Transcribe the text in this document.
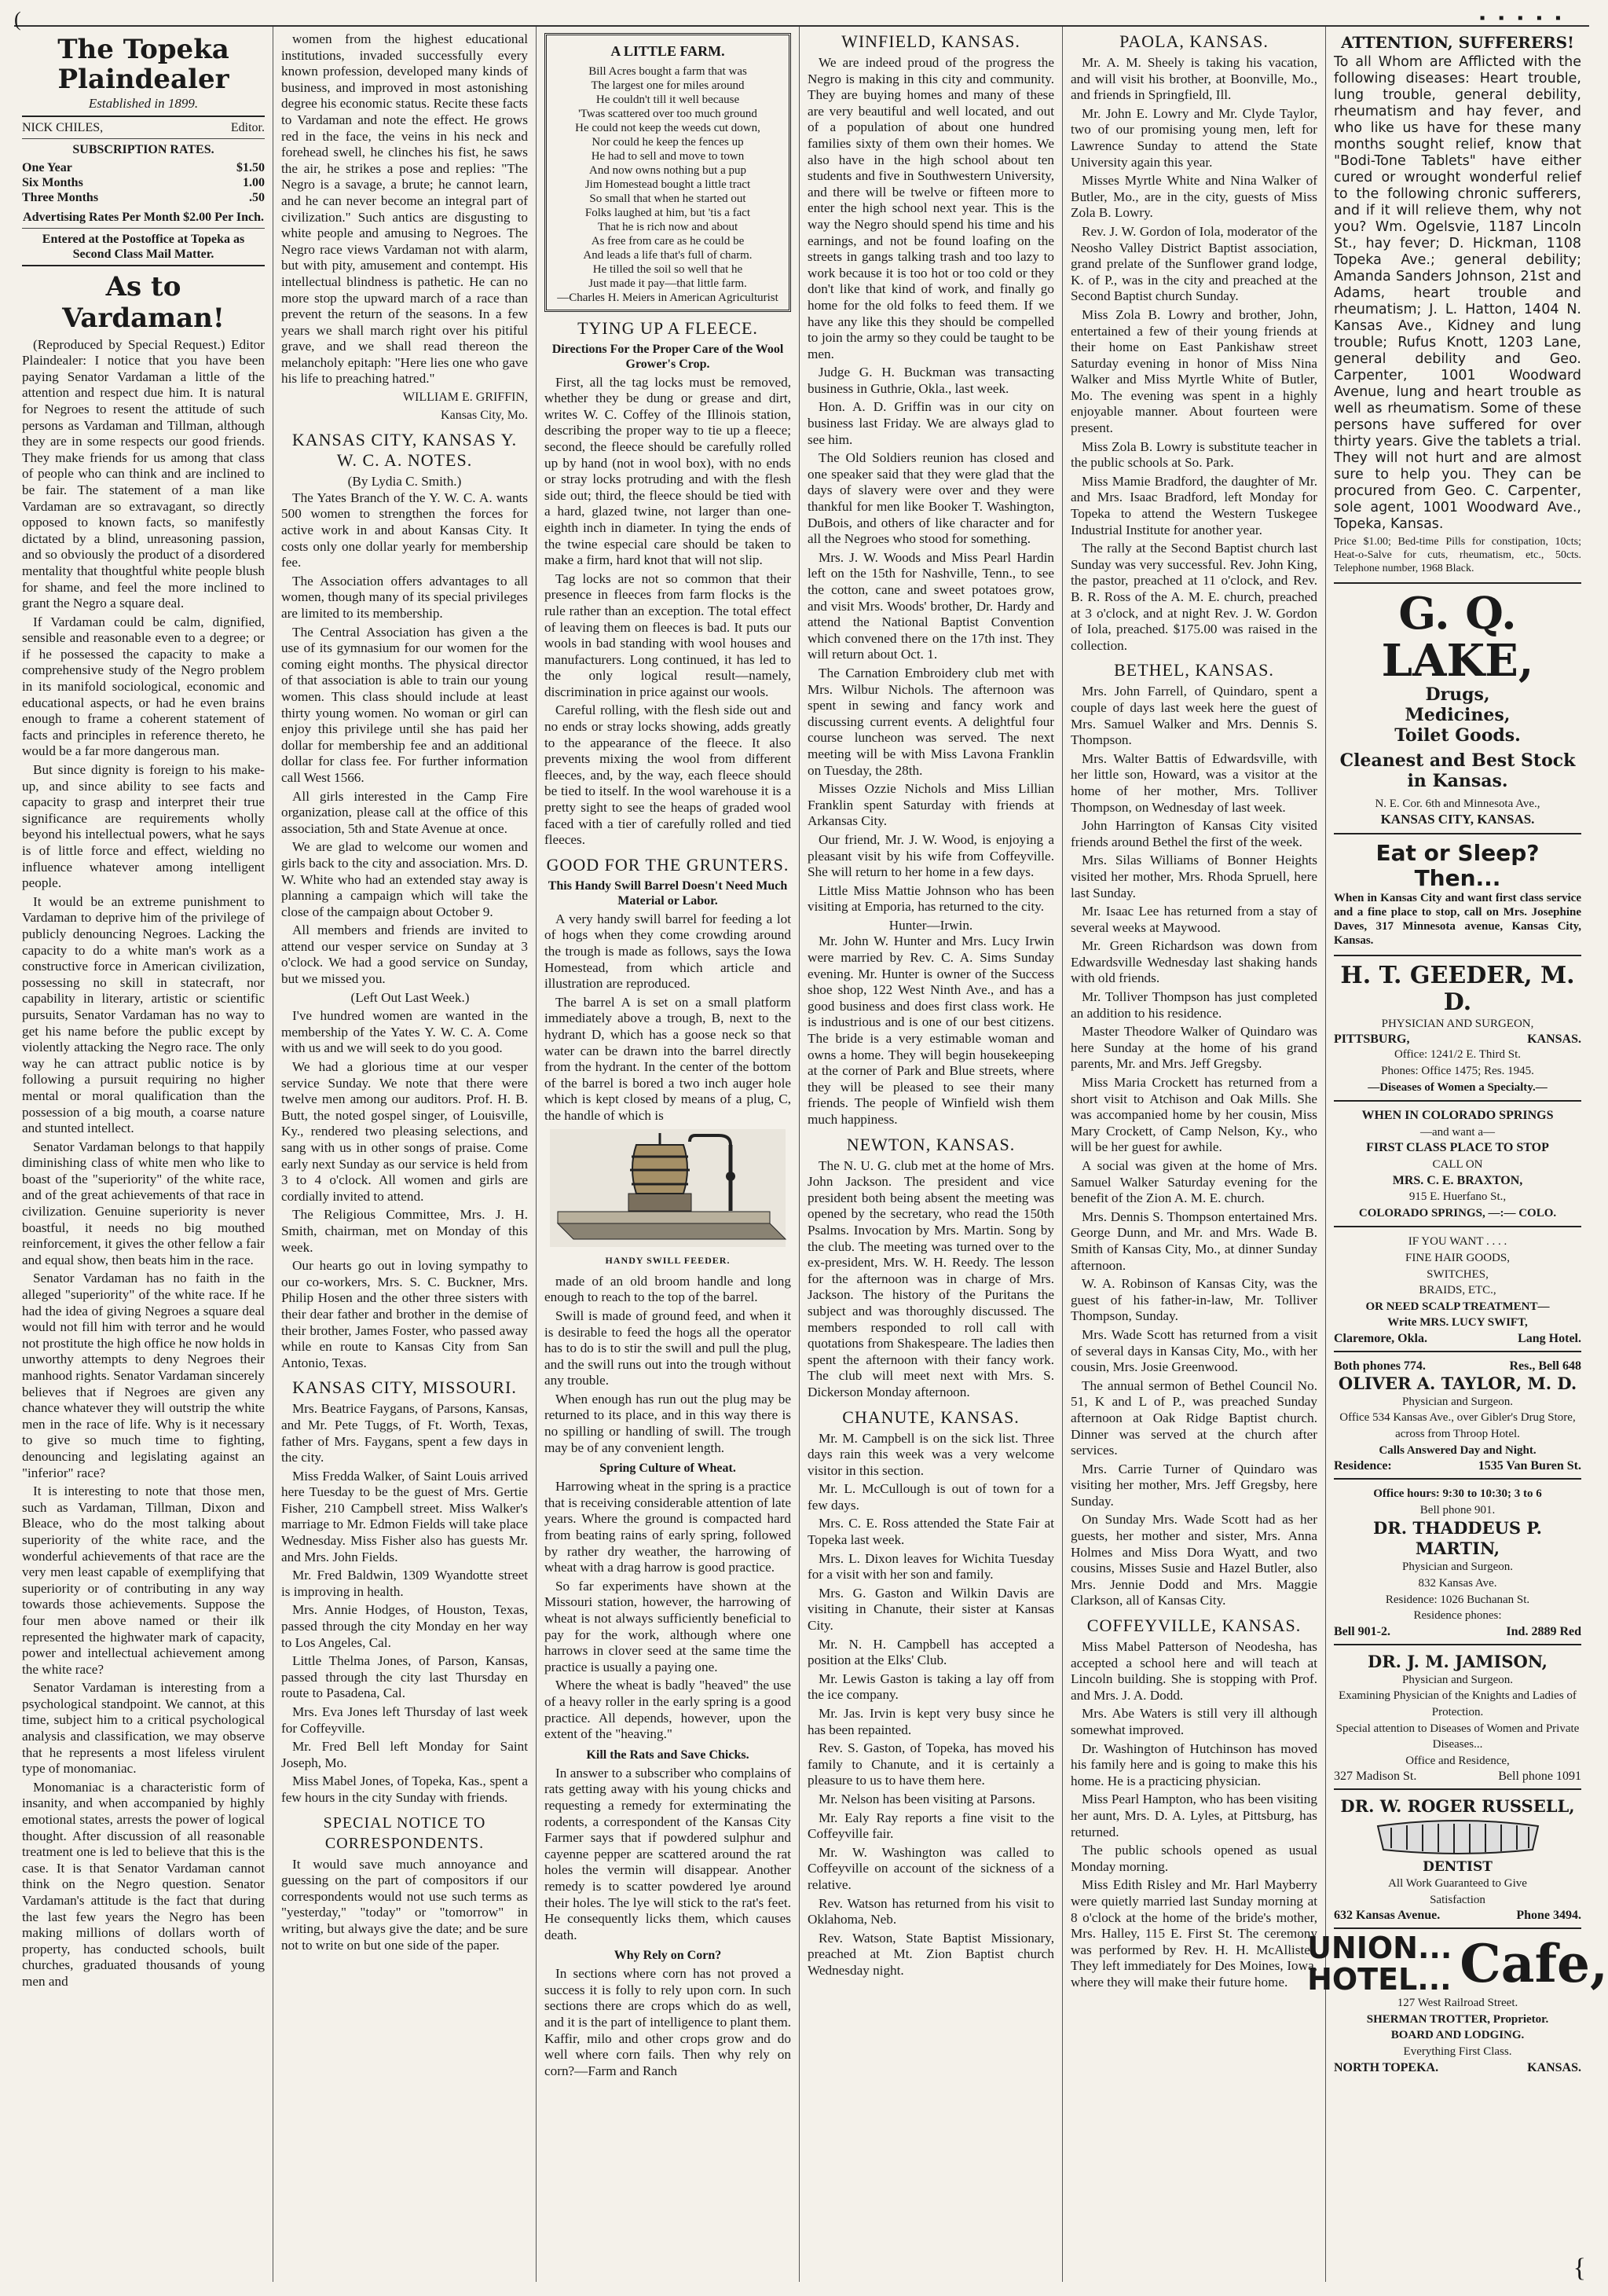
(	▪ ▪ ▪ ▪ ▪
The Topeka Plaindealer
Established in 1899.
NICK CHILES,	Editor.
SUBSCRIPTION RATES.
One Year	$1.50
Six Months	1.00
Three Months	.50
Advertising Rates Per Month $2.00 Per Inch.
Entered at the Postoffice at Topeka as Second Class Mail Matter.
As to Vardaman!

(Reproduced by Special Request.) Editor Plaindealer: I notice that you have been paying Senator Vardaman a little of the attention and respect due him. It is natural for Negroes to resent the attitude of such persons as Vardaman and Tillman, although they are in some respects our good friends. They make friends for us among that class of people who can think and are inclined to be fair. The statement of a man like Vardaman are so extravagant, so directly opposed to known facts, so manifestly dictated by a blind, unreasoning passion, and so obviously the product of a disordered mentality that thoughtful white people blush for shame, and feel the more inclined to grant the Negro a square deal.

If Vardaman could be calm, dignified, sensible and reasonable even to a degree; or if he possessed the capacity to make a comprehensive study of the Negro problem in its manifold sociological, economic and educational aspects, or had he even brains enough to frame a coherent statement of facts and principles in reference thereto, he would be a far more dangerous man.

But since dignity is foreign to his make-up, and since ability to see facts and capacity to grasp and interpret their true significance are requirements wholly beyond his intellectual powers, what he says is of little force and effect, wielding no influence whatever among intelligent people.

It would be an extreme punishment to Vardaman to deprive him of the privilege of publicly denouncing Negroes. Lacking the capacity to do a white man's work as a constructive force in American civilization, possessing no skill in statecraft, nor capability in literary, artistic or scientific pursuits, Senator Vardaman has no way to get his name before the public except by violently attacking the Negro race. The only way he can attract public notice is by following a pursuit requiring no higher mental or moral qualification than the possession of a big mouth, a coarse nature and stunted intellect.

Senator Vardaman belongs to that happily diminishing class of white men who like to boast of the "superiority" of the white race, and of the great achievements of that race in civilization. Genuine superiority is never boastful, it needs no big mouthed reinforcement, it gives the other fellow a fair and equal show, then beats him in the race.

Senator Vardaman has no faith in the alleged "superiority" of the white race. If he had the idea of giving Negroes a square deal would not fill him with terror and he would not prostitute the high office he now holds in unworthy attempts to deny Negroes their manhood rights. Senator Vardaman sincerely believes that if Negroes are given any chance whatever they will outstrip the white men in the race of life. Why is it necessary to give so much time to fighting, denouncing and legislating against an "inferior" race?

It is interesting to note that those men, such as Vardaman, Tillman, Dixon and Bleace, who do the most talking about superiority of the white race, and the wonderful achievements of that race are the very men least capable of exemplifying that superiority or of contributing in any way towards those achievements. Suppose the four men above named or their ilk represented the highwater mark of capacity, power and intellectual achievement among the white race?

Senator Vardaman is interesting from a psychological standpoint. We cannot, at this time, subject him to a critical psychological analysis and classification, we may observe that he represents a most lifeless virulent type of monomaniac.

Monomaniac is a characteristic form of insanity, and when accompanied by highly emotional states, arrests the power of logical thought. After discussion of all reasonable treatment one is led to believe that this is the case. It is that Senator Vardaman cannot think on the Negro question. Senator Vardaman's attitude is the fact that during the last few years the Negro has been making millions of dollars worth of property, has conducted schools, built churches, graduated thousands of young men and

women from the highest educational institutions, invaded successfully every known profession, developed many kinds of business, and improved in most astonishing degree his economic status. Recite these facts to Vardaman and note the effect. He grows red in the face, the veins in his neck and forehead swell, he clinches his fist, he saws the air, he strikes a pose and replies: "The Negro is a savage, a brute; he cannot learn, and he can never become an integral part of civilization." Such antics are disgusting to white people and amusing to Negroes. The Negro race views Vardaman not with alarm, but with pity, amusement and contempt. His intellectual blindness is pathetic. He can no more stop the upward march of a race than prevent the return of the seasons. In a few years we shall march right over his pitiful grave, and we shall read thereon the melancholy epitaph: "Here lies one who gave his life to preaching hatred."

WILLIAM E. GRIFFIN,
Kansas City, Mo.
KANSAS CITY, KANSAS Y. W. C. A. NOTES.
(By Lydia C. Smith.)

The Yates Branch of the Y. W. C. A. wants 500 women to strengthen the forces for active work in and about Kansas City. It costs only one dollar yearly for membership fee.

The Association offers advantages to all women, though many of its special privileges are limited to its membership.

The Central Association has given a the use of its gymnasium for our women for the coming eight months. The physical director of that association is able to train our young women. This class should include at least thirty young women. No woman or girl can enjoy this privilege until she has paid her dollar for membership fee and an additional dollar for class fee. For further information call West 1566.

All girls interested in the Camp Fire organization, please call at the office of this association, 5th and State Avenue at once.

We are glad to welcome our women and girls back to the city and association. Mrs. D. W. White who had an extended stay away is planning a campaign which will take the close of the campaign about October 9.

All members and friends are invited to attend our vesper service on Sunday at 3 o'clock. We had a good service on Sunday, but we missed you.

(Left Out Last Week.)

I've hundred women are wanted in the membership of the Yates Y. W. C. A. Come with us and we will seek to do you good.

We had a glorious time at our vesper service Sunday. We note that there were twelve men among our auditors. Prof. H. B. Butt, the noted gospel singer, of Louisville, Ky., rendered two pleasing selections, and sang with us in other songs of praise. Come early next Sunday as our service is held from 3 to 4 o'clock. All women and girls are cordially invited to attend.

The Religious Committee, Mrs. J. H. Smith, chairman, met on Monday of this week.

Our hearts go out in loving sympathy to our co-workers, Mrs. S. C. Buckner, Mrs. Philip Hosen and the other three sisters with their dear father and brother in the demise of their brother, James Foster, who passed away while en route to Kansas City from San Antonio, Texas.

KANSAS CITY, MISSOURI.

Mrs. Beatrice Faygans, of Parsons, Kansas, and Mr. Pete Tuggs, of Ft. Worth, Texas, father of Mrs. Faygans, spent a few days in the city.

Miss Fredda Walker, of Saint Louis arrived here Tuesday to be the guest of Mrs. Gertie Fisher, 210 Campbell street. Miss Walker's marriage to Mr. Edmon Fields will take place Wednesday. Miss Fisher also has guests Mr. and Mrs. John Fields.

Mr. Fred Baldwin, 1309 Wyandotte street is improving in health.

Mrs. Annie Hodges, of Houston, Texas, passed through the city Monday en her way to Los Angeles, Cal.

Little Thelma Jones, of Parson, Kansas, passed through the city last Thursday en route to Pasadena, Cal.

Mrs. Eva Jones left Thursday of last week for Coffeyville.

Mr. Fred Bell left Monday for Saint Joseph, Mo.

Miss Mabel Jones, of Topeka, Kas., spent a few hours in the city Sunday with friends.

SPECIAL NOTICE TO CORRESPONDENTS.

It would save much annoyance and guessing on the part of compositors if our correspondents would not use such terms as "yesterday," "today" or "tomorrow" in writing, but always give the date; and be sure not to write on but one side of the paper.

A LITTLE FARM.

Bill Acres bought a farm that was

The largest one for miles around

He couldn't till it well because

'Twas scattered over too much ground

He could not keep the weeds cut down,

Nor could he keep the fences up

He had to sell and move to town

And now owns nothing but a pup

Jim Homestead bought a little tract

So small that when he started out

Folks laughed at him, but 'tis a fact

That he is rich now and about

As free from care as he could be

And leads a life that's full of charm.

He tilled the soil so well that he

Just made it pay—that little farm.

—Charles H. Meiers in American Agriculturist

TYING UP A FLEECE.
Directions For the Proper Care of the Wool Grower's Crop.

First, all the tag locks must be removed, whether they be dung or grease and dirt, writes W. C. Coffey of the Illinois station, describing the proper way to tie up a fleece; second, the fleece should be carefully rolled up by hand (not in wool box), with no ends or stray locks protruding and with the flesh side out; third, the fleece should be tied with a hard, glazed twine, not larger than one-eighth inch in diameter. In tying the ends of the twine especial care should be taken to make a firm, hard knot that will not slip.

Tag locks are not so common that their presence in fleeces from farm flocks is the rule rather than an exception. The total effect of leaving them on fleeces is bad. It puts our wools in bad standing with wool houses and manufacturers. Long continued, it has led to the only logical result—namely, discrimination in price against our wools.

Careful rolling, with the flesh side out and no ends or stray locks showing, adds greatly to the appearance of the fleece. It also prevents mixing the wool from different fleeces, and, by the way, each fleece should be tied to itself. In the wool warehouse it is a pretty sight to see the heaps of graded wool faced with a tier of carefully rolled and tied fleeces.

GOOD FOR THE GRUNTERS.
This Handy Swill Barrel Doesn't Need Much Material or Labor.

A very handy swill barrel for feeding a lot of hogs when they come crowding around the trough is made as follows, says the Iowa Homestead, from which article and illustration are reproduced.

The barrel A is set on a small platform immediately above a trough, B, next to the hydrant D, which has a goose neck so that water can be drawn into the barrel directly from the hydrant. In the center of the bottom of the barrel is bored a two inch auger hole which is kept closed by means of a plug, C, the handle of which is

HANDY SWILL FEEDER.

made of an old broom handle and long enough to reach to the top of the barrel.

Swill is made of ground feed, and when it is desirable to feed the hogs all the operator has to do is to stir the swill and pull the plug, and the swill runs out into the trough without any trouble.

When enough has run out the plug may be returned to its place, and in this way there is no spilling or handling of swill. The trough may be of any convenient length.

Spring Culture of Wheat.

Harrowing wheat in the spring is a practice that is receiving considerable attention of late years. Where the ground is compacted hard from beating rains of early spring, followed by rather dry weather, the harrowing of wheat with a drag harrow is good practice.

So far experiments have shown at the Missouri station, however, the harrowing of wheat is not always sufficiently beneficial to pay for the work, although where one harrows in clover seed at the same time the practice is usually a paying one.

Where the wheat is badly "heaved" the use of a heavy roller in the early spring is a good practice. All depends, however, upon the extent of the "heaving."

Kill the Rats and Save Chicks.

In answer to a subscriber who complains of rats getting away with his young chicks and requesting a remedy for exterminating the rodents, a correspondent of the Kansas City Farmer says that if powdered sulphur and cayenne pepper are scattered around the rat holes the vermin will disappear. Another remedy is to scatter powdered lye around their holes. The lye will stick to the rat's feet. He consequently licks them, which causes death.

Why Rely on Corn?

In sections where corn has not proved a success it is folly to rely upon corn. In such sections there are crops which do as well, and it is the part of intelligence to plant them. Kaffir, milo and other crops grow and do well where corn fails. Then why rely on corn?—Farm and Ranch

WINFIELD, KANSAS.

We are indeed proud of the progress the Negro is making in this city and community. They are buying homes and many of these are very beautiful and well located, and out of a population of about one hundred families sixty of them own their homes. We also have in the high school about ten students and five in Southwestern University, and there will be twelve or fifteen more to enter the high school next year. This is the way the Negro should spend his time and his earnings, and not be found loafing on the streets in gangs talking trash and too lazy to work because it is too hot or too cold or they don't like that kind of work, and finally go home for the old folks to feed them. If we have any like this they should be compelled to join the army so they could be taught to be men.

Judge G. H. Buckman was transacting business in Guthrie, Okla., last week.

Hon. A. D. Griffin was in our city on business last Friday. We are always glad to see him.

The Old Soldiers reunion has closed and one speaker said that they were glad that the days of slavery were over and they were thankful for men like Booker T. Washington, DuBois, and others of like character and for all the Negroes who stood for something.

Mrs. J. W. Woods and Miss Pearl Hardin left on the 15th for Nashville, Tenn., to see the cotton, cane and sweet potatoes grow, and visit Mrs. Woods' brother, Dr. Hardy and attend the National Baptist Convention which convened there on the 17th inst. They will return about Oct. 1.

The Carnation Embroidery club met with Mrs. Wilbur Nichols. The afternoon was spent in sewing and fancy work and discussing current events. A delightful four course luncheon was served. The next meeting will be with Miss Lavona Franklin on Tuesday, the 28th.

Misses Ozzie Nichols and Miss Lillian Franklin spent Saturday with friends at Arkansas City.

Our friend, Mr. J. W. Wood, is enjoying a pleasant visit by his wife from Coffeyville. She will return to her home in a few days.

Little Miss Mattie Johnson who has been visiting at Emporia, has returned to the city.

Hunter—Irwin.

Mr. John W. Hunter and Mrs. Lucy Irwin were married by Rev. C. A. Sims Sunday evening. Mr. Hunter is owner of the Success shoe shop, 122 West Ninth Ave., and has a good business and does first class work. He is industrious and is one of our best citizens. The bride is a very estimable woman and owns a home. They will begin housekeeping at the corner of Park and Blue streets, where they will be pleased to see their many friends. The people of Winfield wish them much happiness.

NEWTON, KANSAS.

The N. U. G. club met at the home of Mrs. John Jackson. The president and vice president both being absent the meeting was opened by the secretary, who read the 150th Psalms. Invocation by Mrs. Martin. Song by the club. The meeting was turned over to the ex-president, Mrs. W. H. Reedy. The lesson for the afternoon was in charge of Mrs. Jackson. The history of the Puritans the subject and was thoroughly discussed. The members responded to roll call with quotations from Shakespeare. The ladies then spent the afternoon with their fancy work. The club will meet next with Mrs. S. Dickerson Monday afternoon.

CHANUTE, KANSAS.

Mr. M. Campbell is on the sick list. Three days rain this week was a very welcome visitor in this section.

Mr. L. McCullough is out of town for a few days.

Mrs. C. E. Ross attended the State Fair at Topeka last week.

Mrs. L. Dixon leaves for Wichita Tuesday for a visit with her son and family.

Mrs. G. Gaston and Wilkin Davis are visiting in Chanute, their sister at Kansas City.

Mr. N. H. Campbell has accepted a position at the Elks' Club.

Mr. Lewis Gaston is taking a lay off from the ice company.

Mr. Jas. Irvin is kept very busy since he has been repainted.

Rev. S. Gaston, of Topeka, has moved his family to Chanute, and it is certainly a pleasure to us to have them here.

Mr. Nelson has been visiting at Parsons.

Mr. Ealy Ray reports a fine visit to the Coffeyville fair.

Mr. W. Washington was called to Coffeyville on account of the sickness of a relative.

Rev. Watson has returned from his visit to Oklahoma, Neb.

Rev. Watson, State Baptist Missionary, preached at Mt. Zion Baptist church Wednesday night.

PAOLA, KANSAS.

Mr. A. M. Sheely is taking his vacation, and will visit his brother, at Boonville, Mo., and friends in Springfield, Ill.

Mr. John E. Lowry and Mr. Clyde Taylor, two of our promising young men, left for Lawrence Sunday to attend the State University again this year.

Misses Myrtle White and Nina Walker of Butler, Mo., are in the city, guests of Miss Zola B. Lowry.

Rev. J. W. Gordon of Iola, moderator of the Neosho Valley District Baptist association, grand prelate of the Sunflower grand lodge, K. of P., was in the city and preached at the Second Baptist church Sunday.

Miss Zola B. Lowry and brother, John, entertained a few of their young friends at their home on East Pankishaw street Saturday evening in honor of Miss Nina Walker and Miss Myrtle White of Butler, Mo. The evening was spent in a highly enjoyable manner. About fourteen were present.

Miss Zola B. Lowry is substitute teacher in the public schools at So. Park.

Miss Mamie Bradford, the daughter of Mr. and Mrs. Isaac Bradford, left Monday for Topeka to attend the Western Tuskegee Industrial Institute for another year.

The rally at the Second Baptist church last Sunday was very successful. Rev. John King, the pastor, preached at 11 o'clock, and Rev. B. R. Ross of the A. M. E. church, preached at 3 o'clock, and at night Rev. J. W. Gordon of Iola, preached. $175.00 was raised in the collection.

BETHEL, KANSAS.

Mrs. John Farrell, of Quindaro, spent a couple of days last week here the guest of Mrs. Samuel Walker and Mrs. Dennis S. Thompson.

Mrs. Walter Battis of Edwardsville, with her little son, Howard, was a visitor at the home of her mother, Mrs. Tolliver Thompson, on Wednesday of last week.

John Harrington of Kansas City visited friends around Bethel the first of the week.

Mrs. Silas Williams of Bonner Heights visited her mother, Mrs. Rhoda Spruell, here last Sunday.

Mr. Isaac Lee has returned from a stay of several weeks at Maywood.

Mr. Green Richardson was down from Edwardsville Wednesday last shaking hands with old friends.

Mr. Tolliver Thompson has just completed an addition to his residence.

Master Theodore Walker of Quindaro was here Sunday at the home of his grand parents, Mr. and Mrs. Jeff Gregsby.

Miss Maria Crockett has returned from a short visit to Atchison and Oak Mills. She was accompanied home by her cousin, Miss Mary Crockett, of Camp Nelson, Ky., who will be her guest for awhile.

A social was given at the home of Mrs. Samuel Walker Saturday evening for the benefit of the Zion A. M. E. church.

Mrs. Dennis S. Thompson entertained Mrs. George Dunn, and Mr. and Mrs. Wade B. Smith of Kansas City, Mo., at dinner Sunday afternoon.

W. A. Robinson of Kansas City, was the guest of his father-in-law, Mr. Tolliver Thompson, Sunday.

Mrs. Wade Scott has returned from a visit of several days in Kansas City, Mo., with her cousin, Mrs. Josie Greenwood.

The annual sermon of Bethel Council No. 51, K and L of P., was preached Sunday afternoon at Oak Ridge Baptist church. Dinner was served at the church after services.

Mrs. Carrie Turner of Quindaro was visiting her mother, Mrs. Jeff Gregsby, here Sunday.

On Sunday Mrs. Wade Scott had as her guests, her mother and sister, Mrs. Anna Holmes and Miss Dora Wyatt, and two cousins, Misses Susie and Hazel Butler, also Mrs. Jennie Dodd and Mrs. Maggie Clarkson, all of Kansas City.

COFFEYVILLE, KANSAS.

Miss Mabel Patterson of Neodesha, has accepted a school here and will teach at Lincoln building. She is stopping with Prof. and Mrs. J. A. Dodd.

Mrs. Abe Waters is still very ill although somewhat improved.

Dr. Washington of Hutchinson has moved his family here and is going to make this his home. He is a practicing physician.

Miss Pearl Hampton, who has been visiting her aunt, Mrs. D. A. Lyles, at Pittsburg, has returned.

The public schools opened as usual Monday morning.

Miss Edith Risley and Mr. Harl Mayberry were quietly married last Sunday morning at 8 o'clock at the home of the bride's mother, Mrs. Halley, 115 E. First St. The ceremony was performed by Rev. H. H. McAllister. They left immediately for Des Moines, Iowa, where they will make their future home.

ATTENTION, SUFFERERS!

To all Whom are Afflicted with the following diseases: Heart trouble, lung trouble, general debility, rheumatism and hay fever, and who like us have for these many months sought relief, know that "Bodi-Tone Tablets" have either cured or wrought wonderful relief to the following chronic sufferers, and if it will relieve them, why not you? Wm. Ogelsvie, 1187 Lincoln St., hay fever; D. Hickman, 1108 Topeka Ave.; general debility; Amanda Sanders Johnson, 21st and Adams, heart trouble and rheumatism; J. L. Hatton, 1404 N. Kansas Ave., Kidney and lung trouble; Rufus Knott, 1203 Lane, general debility and Geo. Carpenter, 1001 Woodward Avenue, lung and heart trouble as well as rheumatism. Some of these persons have suffered for over thirty years. Give the tablets a trial. They will not hurt and are almost sure to help you. They can be procured from Geo. C. Carpenter, sole agent, 1001 Woodward Ave., Topeka, Kansas.

Price $1.00; Bed-time Pills for constipation, 10cts; Heat-o-Salve for cuts, rheumatism, etc., 50cts. Telephone number, 1968 Black.

G. Q. LAKE,
Drugs,
Medicines,
Toilet Goods.
Cleanest and Best Stock in Kansas.
N. E. Cor. 6th and Minnesota Ave.,
KANSAS CITY, KANSAS.
Eat or Sleep? Then...

When in Kansas City and want first class service and a fine place to stop, call on Mrs. Josephine Daves, 317 Minnesota avenue, Kansas City, Kansas.

H. T. GEEDER, M. D.
PHYSICIAN AND SURGEON,
PITTSBURG,	KANSAS.
Office: 1241/2 E. Third St.
Phones: Office 1475; Res. 1945.
—Diseases of Women a Specialty.—
WHEN IN COLORADO SPRINGS
—and want a—
FIRST CLASS PLACE TO STOP
CALL ON
MRS. C. E. BRAXTON,
915 E. Huerfano St.,
COLORADO SPRINGS, —:— COLO.
IF YOU WANT . . . .
FINE HAIR GOODS,
SWITCHES,
BRAIDS, ETC.,
OR NEED SCALP TREATMENT—
Write MRS. LUCY SWIFT,
Claremore, Okla.	Lang Hotel.
Both phones 774.	Res., Bell 648
OLIVER A. TAYLOR, M. D.
Physician and Surgeon.
Office 534 Kansas Ave., over Gibler's Drug Store, across from Throop Hotel.
Calls Answered Day and Night.
Residence:	1535 Van Buren St.
Office hours: 9:30 to 10:30; 3 to 6
Bell phone 901.
DR. THADDEUS P. MARTIN,
Physician and Surgeon.
832 Kansas Ave.
Residence: 1026 Buchanan St.
Residence phones:
Bell 901-2.	Ind. 2889 Red
DR. J. M. JAMISON,
Physician and Surgeon.
Examining Physician of the Knights and Ladies of Protection.
Special attention to Diseases of Women and Private Diseases...
Office and Residence,
327 Madison St.	Bell phone 1091
DR. W. ROGER RUSSELL,
DENTIST
All Work Guaranteed to Give
Satisfaction
632 Kansas Avenue.	Phone 3494.
UNION...
HOTEL... Cafe,
127 West Railroad Street.
SHERMAN TROTTER, Proprietor.
BOARD AND LODGING.
Everything First Class.
NORTH TOPEKA.	KANSAS.
{
